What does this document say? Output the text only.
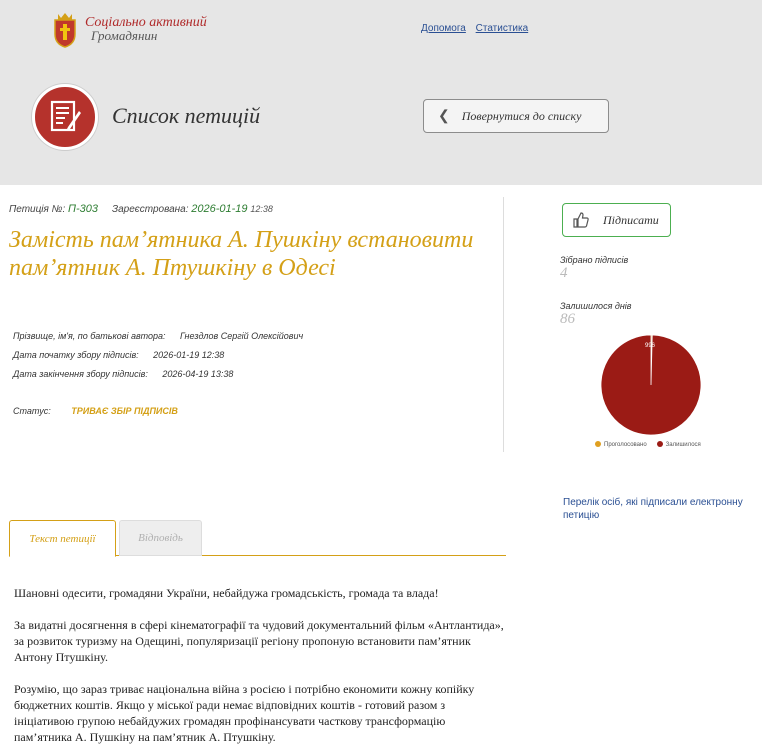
Соціально активний
Громадянин	Допомога Статистика
Список петицій	❮ Повернутися до списку
Петиція №: П-303 Зареєстрована: 2026-01-19 12:38
Замість пам’ятника А. Пушкіну встановити пам’ятник А. Птушкіну в Одесі
Прізвище, ім'я, по батькові автора: Гнездлов Сергій Олексійович
Дата початку збору підписів: 2026-01-19 12:38
Дата закінчення збору підписів: 2026-04-19 13:38
Статус: ТРИВАЄ ЗБІР ПІДПИСІВ
Підписати
Зібрано підписів
4
Залишилося днів
86
996
Проголосовано	Залишилося
Перелік осіб, які підписали електронну петицію
Текст петиції	Відповідь

Шановні одесити, громадяни України, небайдужа громадськість, громада та влада!

За видатні досягнення в сфері кінематографії та чудовий документальний фільм «Антлантида», за розвиток туризму на Одещині, популяризації регіону пропоную встановити пам’ятник Антону Птушкіну.

Розумію, що зараз триває національна війна з росією і потрібно економити кожну копійку бюджетних коштів. Якщо у міської ради немає відповідних коштів - готовий разом з ініціативою групою небайдужих громадян профінансувати часткову трансформацію пам’ятника А. Пушкіну на пам’ятник А. Птушкіну.
